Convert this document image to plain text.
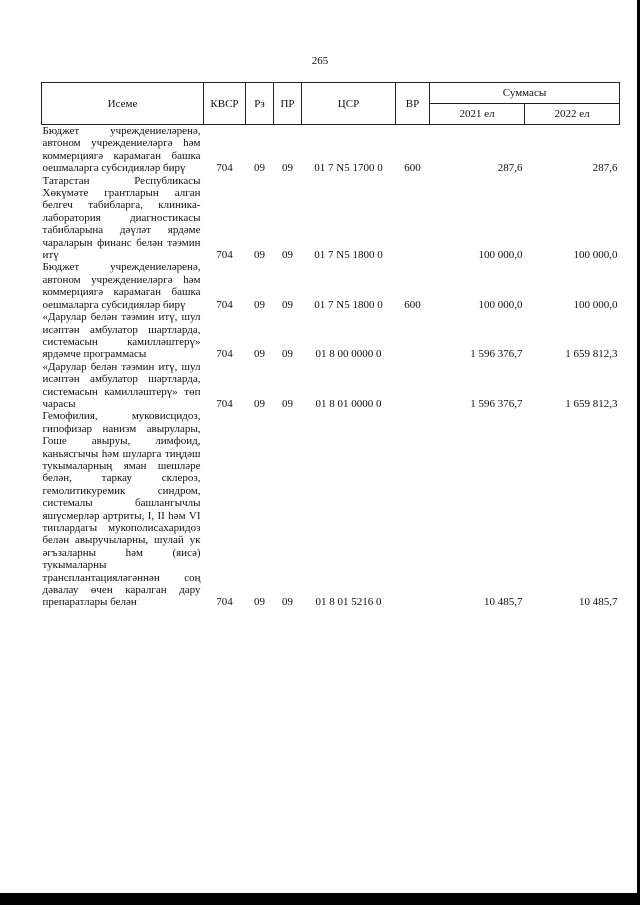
265
Исеме	КВСР	Рз	ПР	ЦСР	ВР	Суммасы	
						2021 ел	2022 ел
Бюджет учреждениеләренә, автоном учреждениеләргә һәм коммерциягә карамаган башка оешмаларга субсидияләр бирү	704	09	09	01 7 N5 1700 0	600	287,6	287,6
Татарстан Республикасы Хөкүмәте грантларын алган белгеч табибларга, клиника-лаборатория диагностикасы табибларына дәүләт ярдәме чараларын финанс белән тәэмин итү	704	09	09	01 7 N5 1800 0		100 000,0	100 000,0
Бюджет учреждениеләренә, автоном учреждениеләргә һәм коммерциягә карамаган башка оешмаларга субсидияләр бирү	704	09	09	01 7 N5 1800 0	600	100 000,0	100 000,0
«Дарулар белән тәэмин итү, шул исәптән амбулатор шартларда, системасын камилләштерү» ярдәмче программасы	704	09	09	01 8 00 0000 0		1 596 376,7	1 659 812,3
«Дарулар белән тәэмин итү, шул исәптән амбулатор шартларда, системасын камилләштерү» төп чарасы	704	09	09	01 8 01 0000 0		1 596 376,7	1 659 812,3
Гемофилия, муковисцидоз, гипофизар нанизм авырулары, Гоше авыруы, лимфоид, каньясгычы һәм шуларга тиңдәш тукымаларның яман шешләре белән, таркау склероз, гемолитикуремик синдром, системалы башлангычлы яшүсмерләр артриты, I, II һәм VI типлардагы мукополисахаридоз белән авыручыларны, шулай ук әгъзаларны һәм (яисә) тукымаларны трансплантацияләгәннән соң дәвалау өчен каралган дару препаратлары белән	704	09	09	01 8 01 5216 0		10 485,7	10 485,7
